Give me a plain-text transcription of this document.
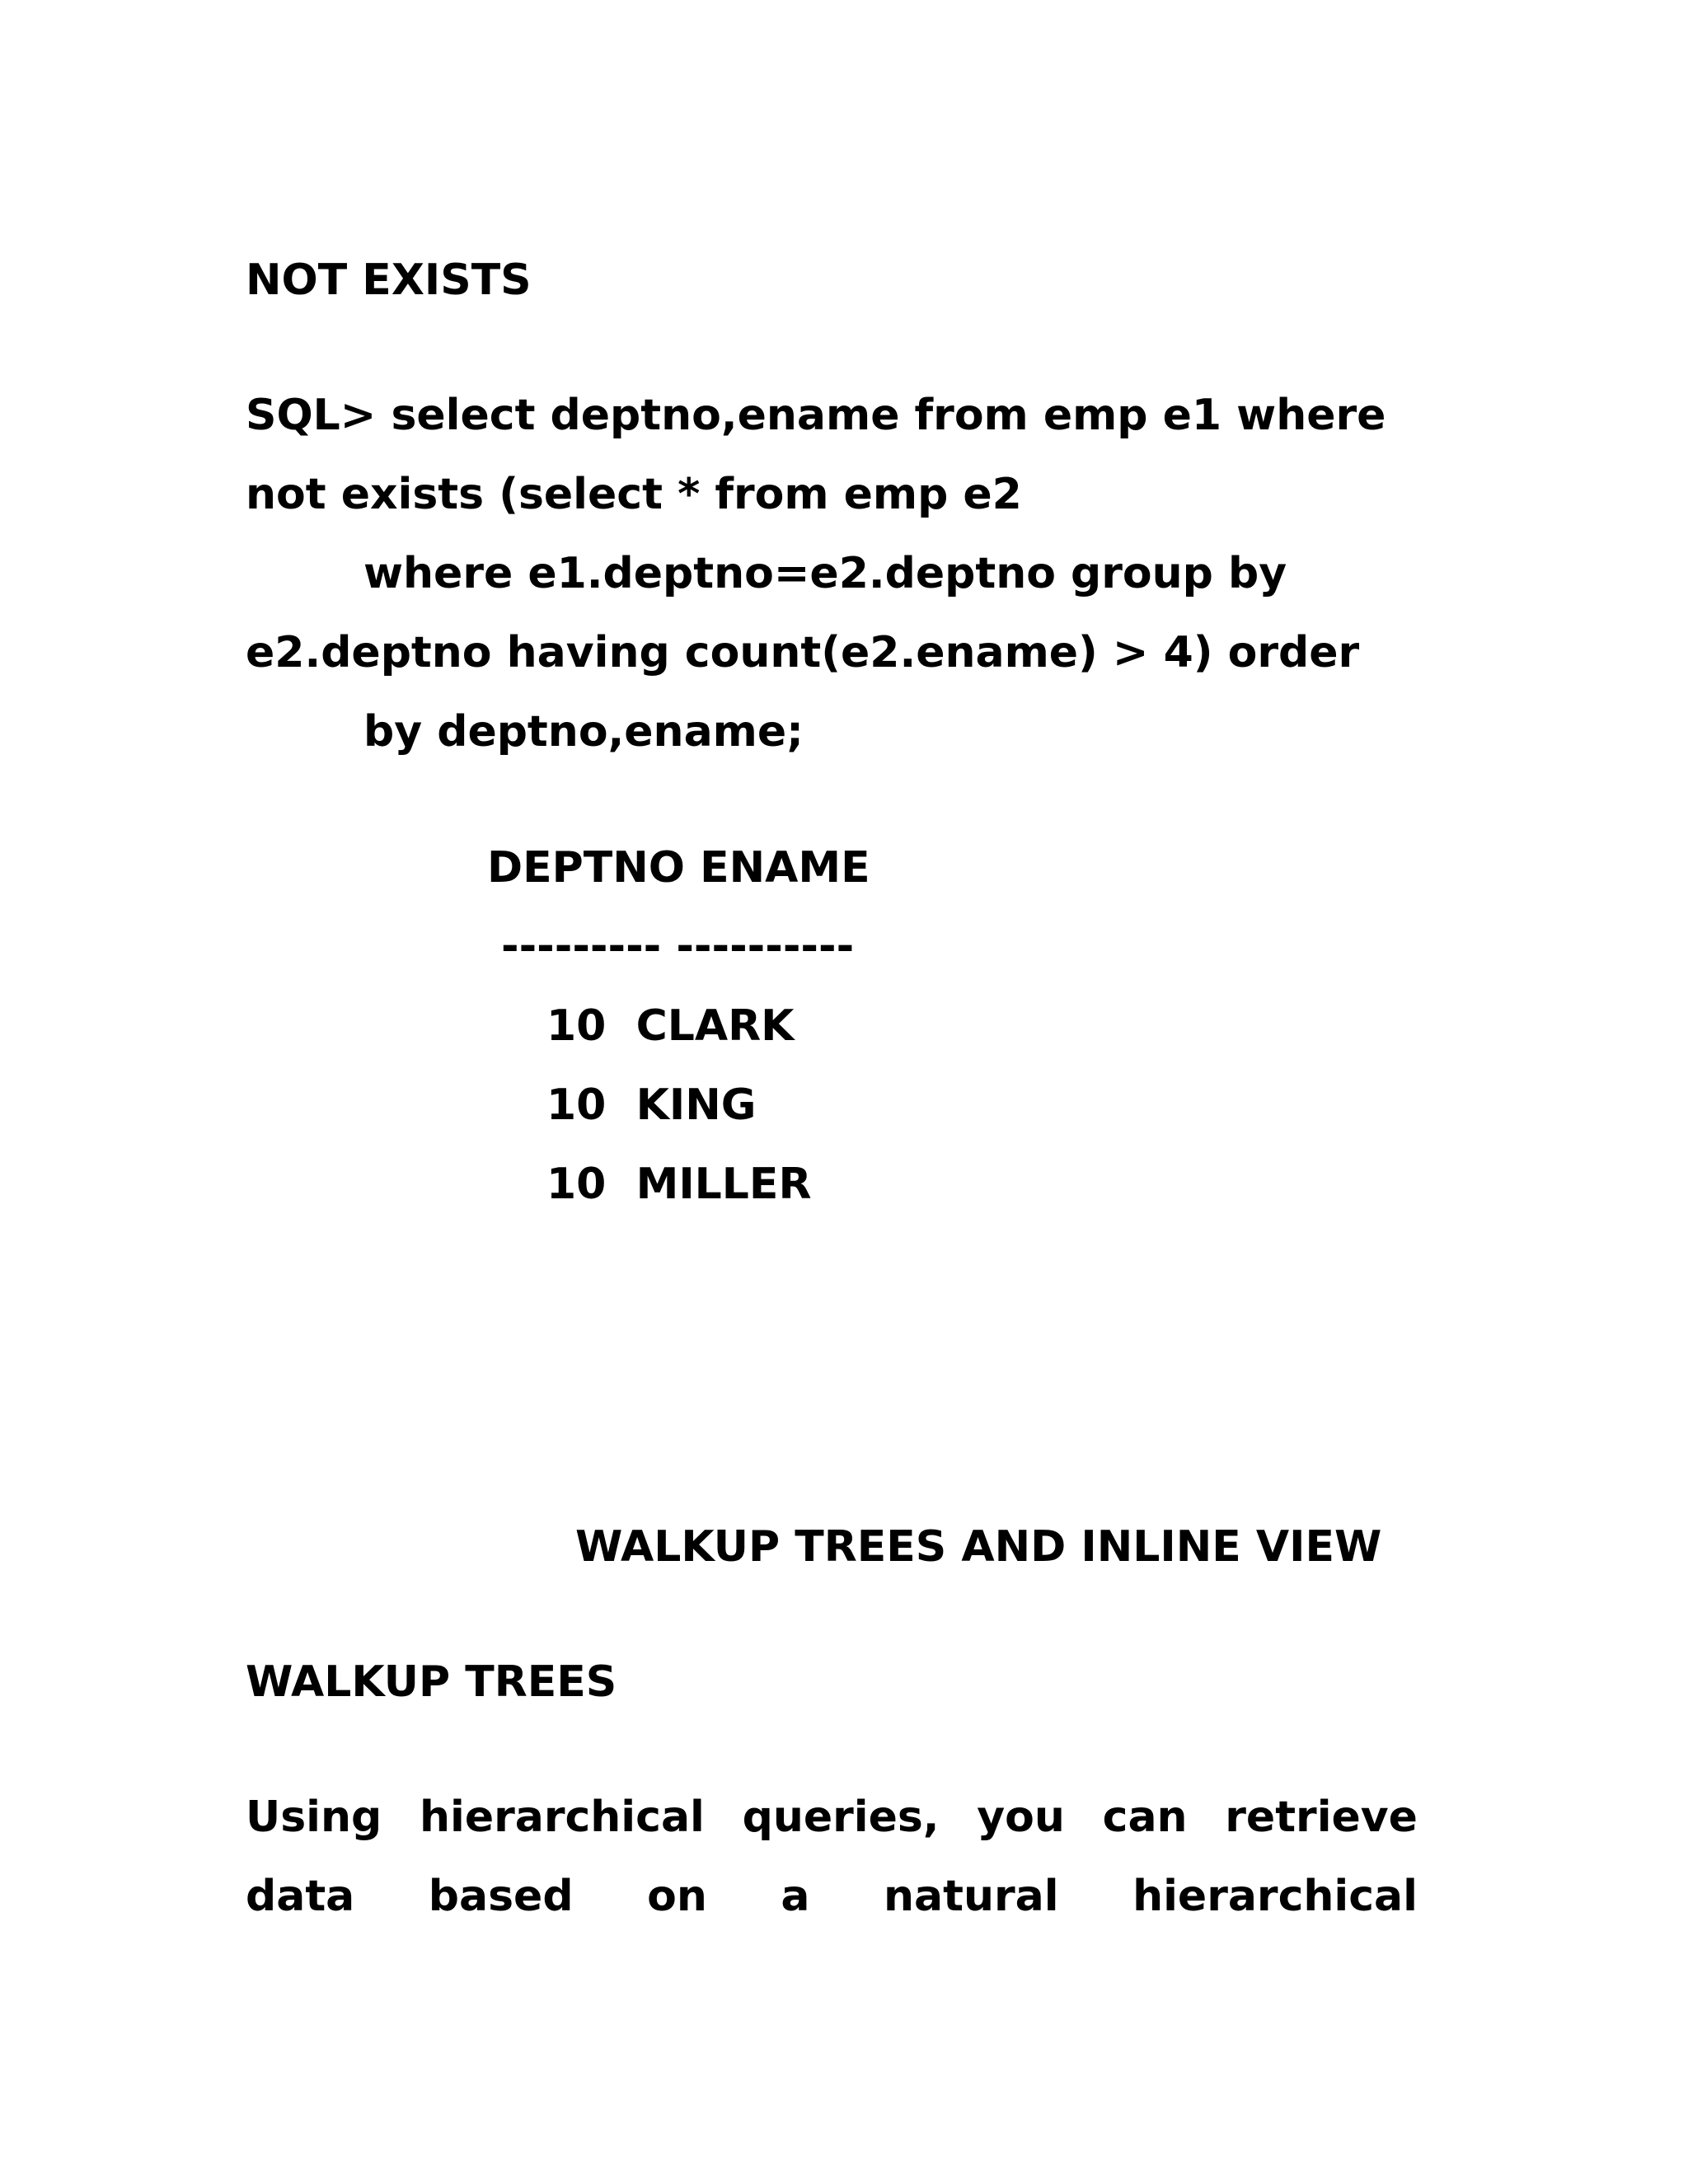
NOT EXISTS
SQL> select deptno,ename from emp e1 where
not exists (select * from emp e2
where e1.deptno=e2.deptno group by
e2.deptno having count(e2.ename) > 4) order
by deptno,ename;
DEPTNO ENAME
--------- ----------
10  CLARK
10  KING
10  MILLER
WALKUP TREES AND INLINE VIEW
WALKUP TREES
Using hierarchical queries, you can retrieve
data based on a natural hierarchical
